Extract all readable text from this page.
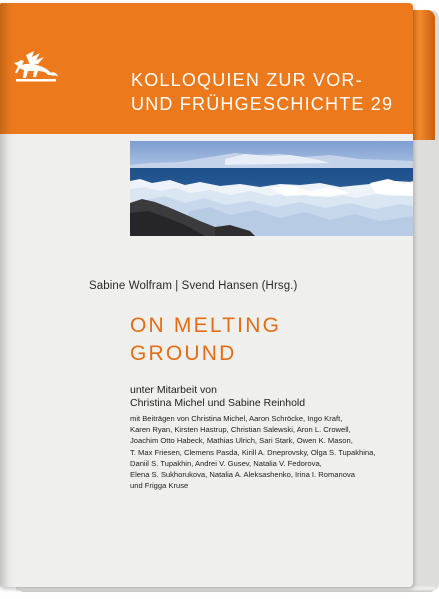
KOLLOQUIEN ZUR VOR-
UND FRÜHGESCHICHTE 29
Sabine Wolfram | Svend Hansen (Hrsg.)
ON MELTING
GROUND
unter Mitarbeit von
Christina Michel und Sabine Reinhold
mit Beiträgen von Christina Michel, Aaron Schröcke, Ingo Kraft,
Karen Ryan, Kirsten Hastrup, Christian Salewski, Aron L. Crowell,
Joachim Otto Habeck, Mathias Ulrich, Sari Stark, Owen K. Mason,
T. Max Friesen, Clemens Pasda, Kirill A. Dneprovsky, Olga S. Tupakhina,
Daniil S. Tupakhin, Andrei V. Gusev, Natalia V. Fedorova,
Elena S. Sukhorukova, Natalia A. Aleksashenko, Irina I. Romanova
und Frigga Kruse
